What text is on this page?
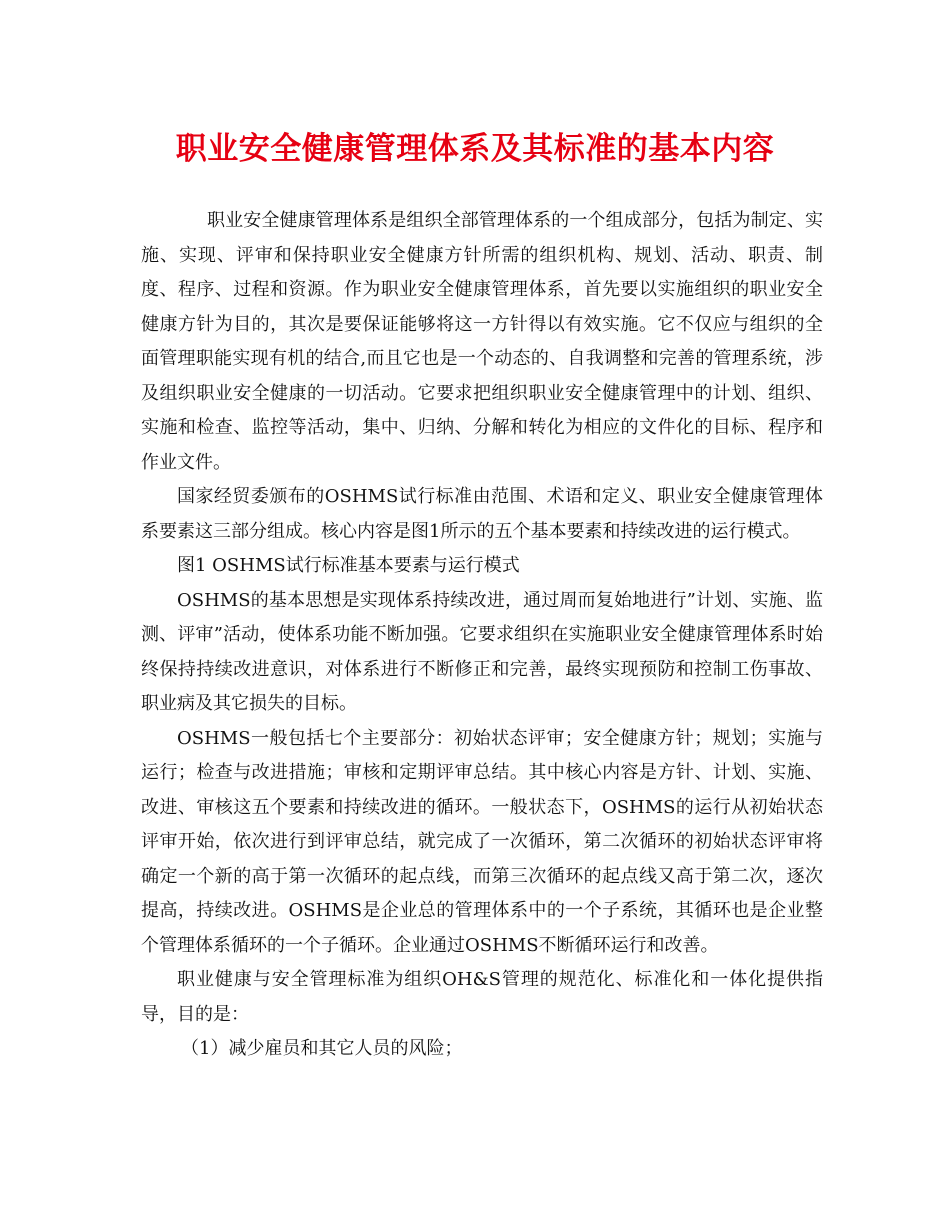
职业安全健康管理体系及其标准的基本内容

职业安全健康管理体系是组织全部管理体系的一个组成部分，包括为制定、实施、实现、评审和保持职业安全健康方针所需的组织机构、规划、活动、职责、制度、程序、过程和资源。作为职业安全健康管理体系，首先要以实施组织的职业安全健康方针为目的，其次是要保证能够将这一方针得以有效实施。它不仅应与组织的全面管理职能实现有机的结合,而且它也是一个动态的、自我调整和完善的管理系统，涉及组织职业安全健康的一切活动。它要求把组织职业安全健康管理中的计划、组织、实施和检查、监控等活动，集中、归纳、分解和转化为相应的文件化的目标、程序和作业文件。

国家经贸委颁布的OSHMS试行标准由范围、术语和定义、职业安全健康管理体系要素这三部分组成。核心内容是图1所示的五个基本要素和持续改进的运行模式。

图1 OSHMS试行标准基本要素与运行模式

OSHMS的基本思想是实现体系持续改进，通过周而复始地进行”计划、实施、监测、评审”活动，使体系功能不断加强。它要求组织在实施职业安全健康管理体系时始终保持持续改进意识，对体系进行不断修正和完善，最终实现预防和控制工伤事故、职业病及其它损失的目标。

OSHMS一般包括七个主要部分：初始状态评审；安全健康方针；规划；实施与运行；检查与改进措施；审核和定期评审总结。其中核心内容是方针、计划、实施、改进、审核这五个要素和持续改进的循环。一般状态下，OSHMS的运行从初始状态评审开始，依次进行到评审总结，就完成了一次循环，第二次循环的初始状态评审将确定一个新的高于第一次循环的起点线，而第三次循环的起点线又高于第二次，逐次提高，持续改进。OSHMS是企业总的管理体系中的一个子系统，其循环也是企业整个管理体系循环的一个子循环。企业通过OSHMS不断循环运行和改善。

职业健康与安全管理标准为组织OH&S管理的规范化、标准化和一体化提供指导，目的是：

（1）减少雇员和其它人员的风险；
